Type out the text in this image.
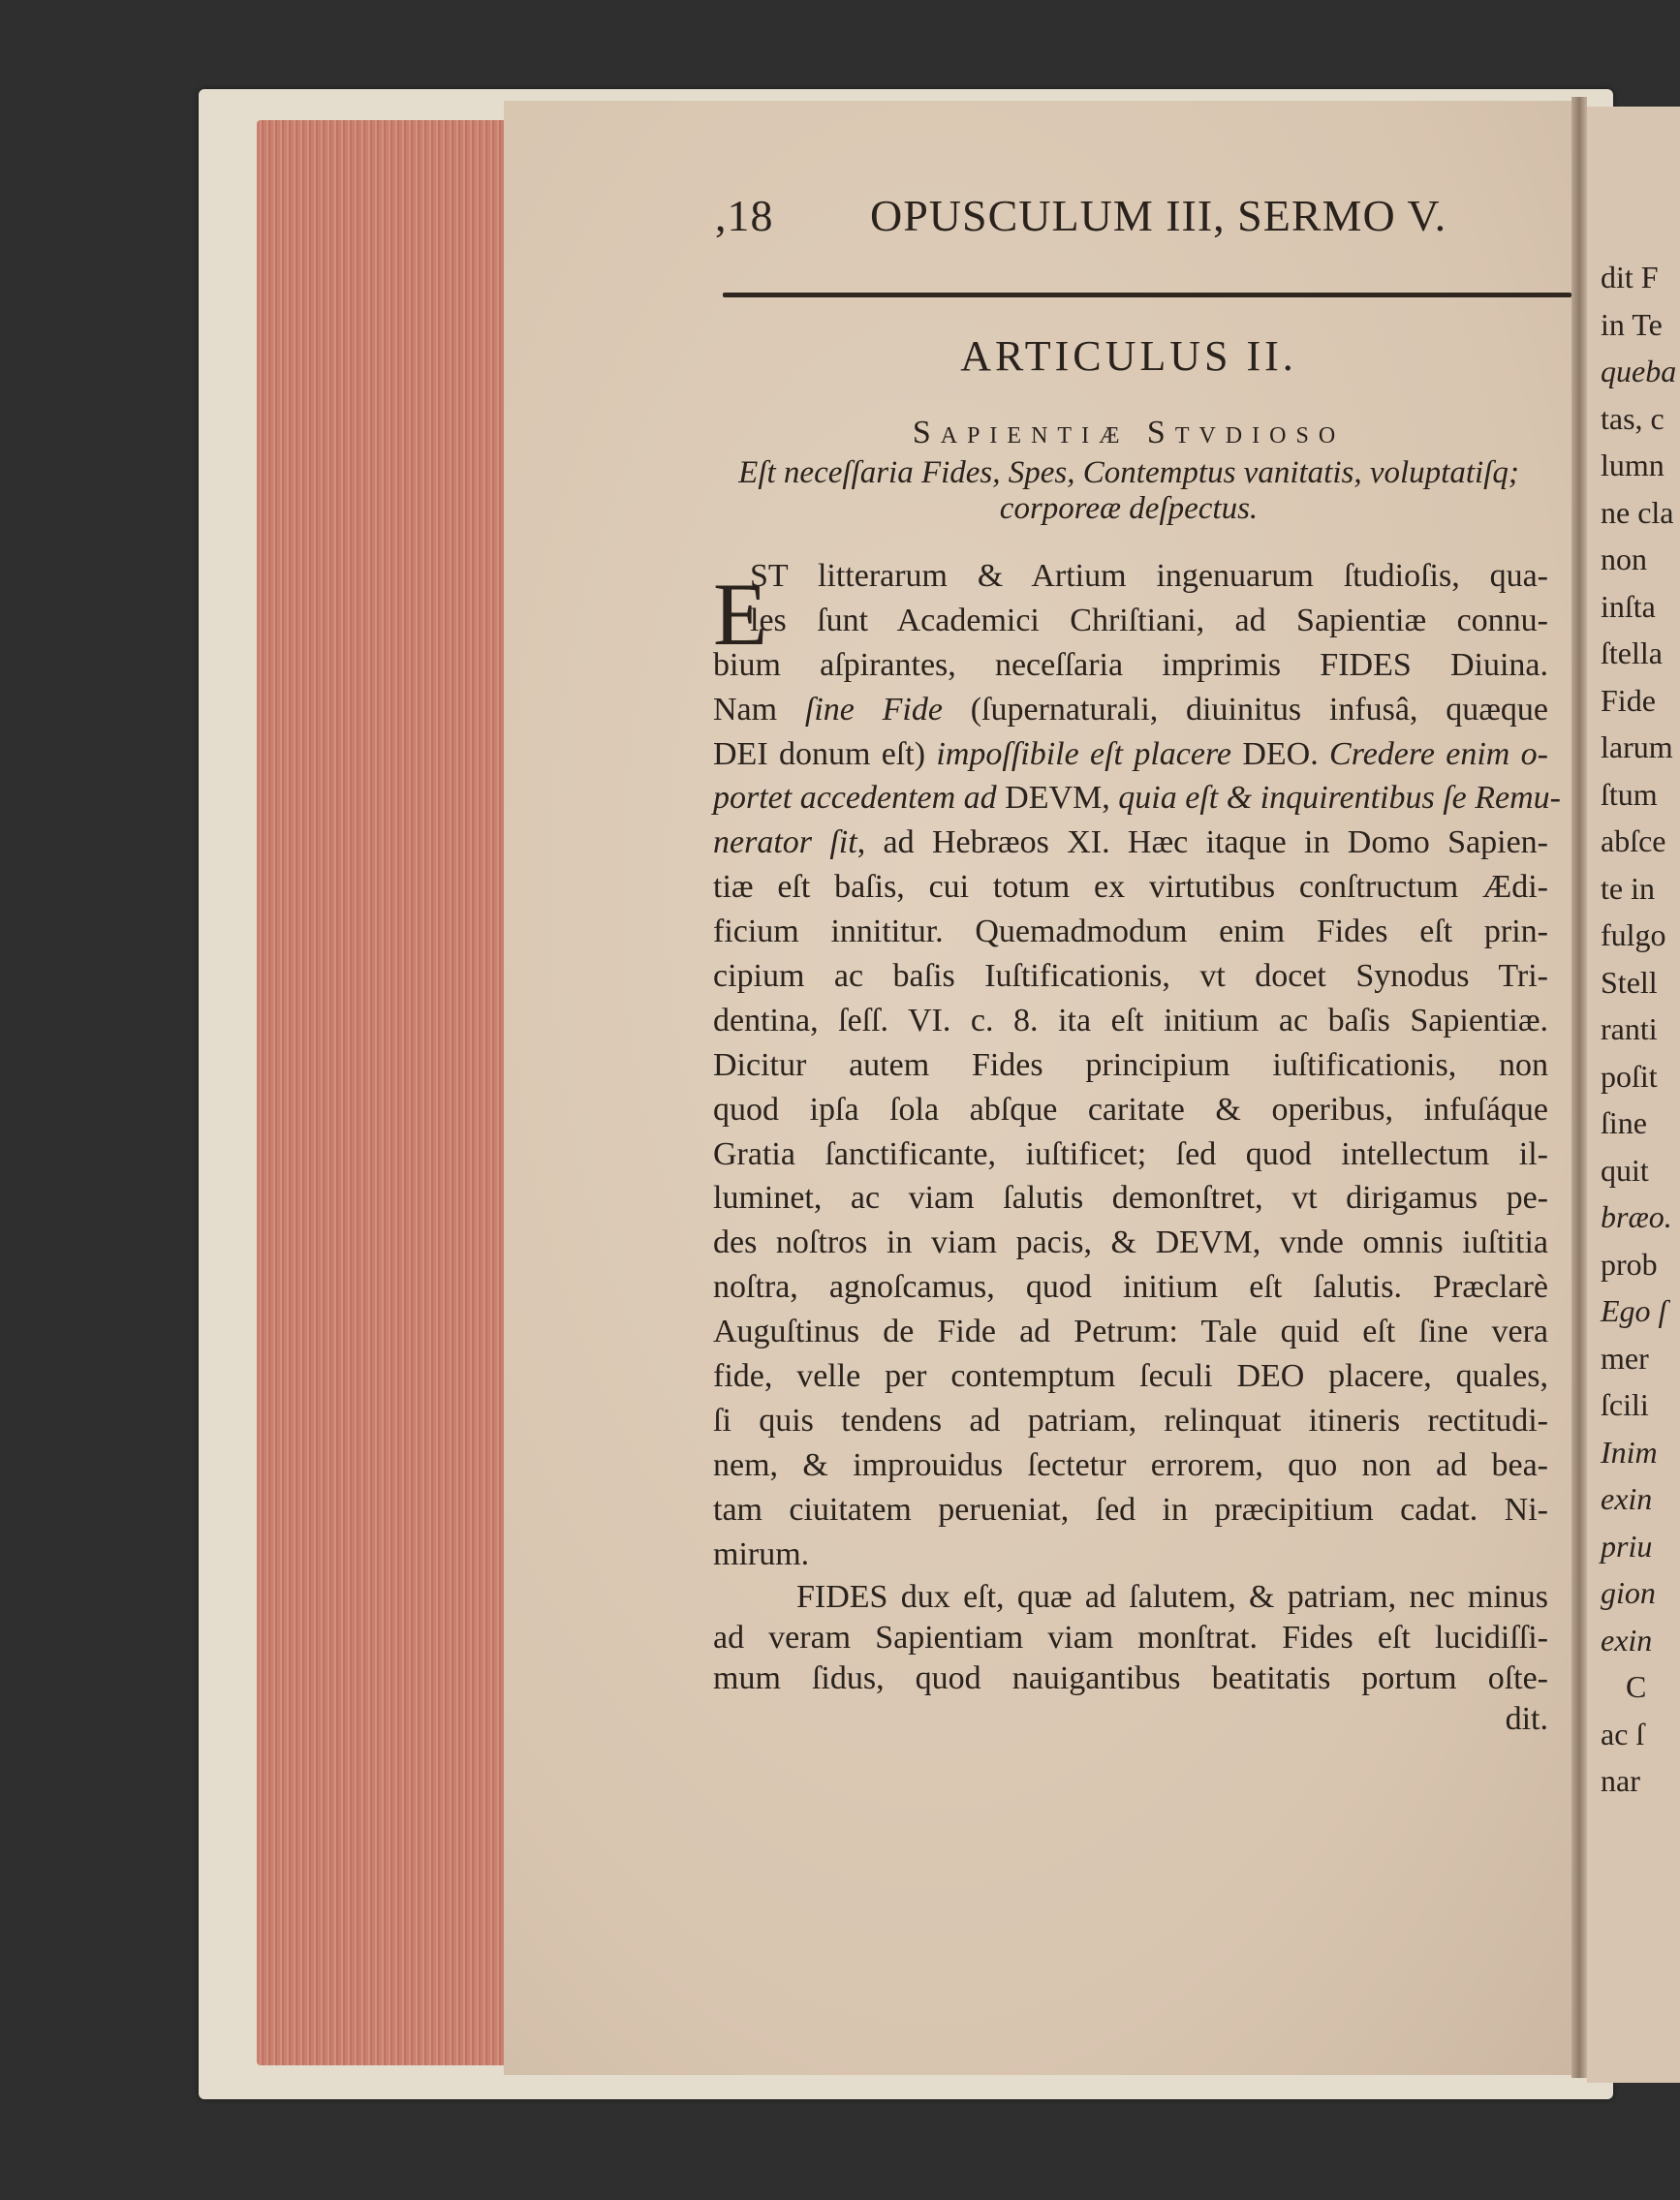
dit F
in Te
queba
tas, c
lumn
ne cla
non
inſta
ſtella
Fide
larum
ſtum
abſce
te in
fulgo
Stell
ranti
poſit
ſine
quit
bræo.
prob
Ego ſ
mer
ſcili
Inim
exin
priu
gion
exin
C
ac ſ
nar
,18 OPUSCULUM III, SERMO V.
ARTICULUS II.
Sapientiæ Stvdioso
Eſt neceſſaria Fides, Spes, Contemptus vanitatis, voluptatiſq;
corporeæ deſpectus.
E
ST litterarum & Artium ingenuarum ſtudioſis, qua-
les ſunt Academici Chriſtiani, ad Sapientiæ connu-
bium aſpirantes, neceſſaria imprimis FIDES Diuina.
Nam ſine Fide (ſupernaturali, diuinitus infusâ, quæque
DEI donum eſt) impoſſibile eſt placere DEO. Credere enim o-
portet accedentem ad DEVM, quia eſt & inquirentibus ſe Remu-
nerator ſit, ad Hebræos XI. Hæc itaque in Domo Sapien-
tiæ eſt baſis, cui totum ex virtutibus conſtructum Ædi-
ficium innititur. Quemadmodum enim Fides eſt prin-
cipium ac baſis Iuſtificationis, vt docet Synodus Tri-
dentina, ſeſſ. VI. c. 8. ita eſt initium ac baſis Sapientiæ.
Dicitur autem Fides principium iuſtificationis, non
quod ipſa ſola abſque caritate & operibus, infuſáque
Gratia ſanctificante, iuſtificet; ſed quod intellectum il-
luminet, ac viam ſalutis demonſtret, vt dirigamus pe-
des noſtros in viam pacis, & DEVM, vnde omnis iuſtitia
noſtra, agnoſcamus, quod initium eſt ſalutis. Præclarè
Auguſtinus de Fide ad Petrum: Tale quid eſt ſine vera
fide, velle per contemptum ſeculi DEO placere, quales,
ſi quis tendens ad patriam, relinquat itineris rectitudi-
nem, & improuidus ſectetur errorem, quo non ad bea-
tam ciuitatem perueniat, ſed in præcipitium cadat. Ni-
mirum.
FIDES dux eſt, quæ ad ſalutem, & patriam, nec minus
ad veram Sapientiam viam monſtrat. Fides eſt lucidiſſi-
mum ſidus, quod nauigantibus beatitatis portum oſte-
dit.
